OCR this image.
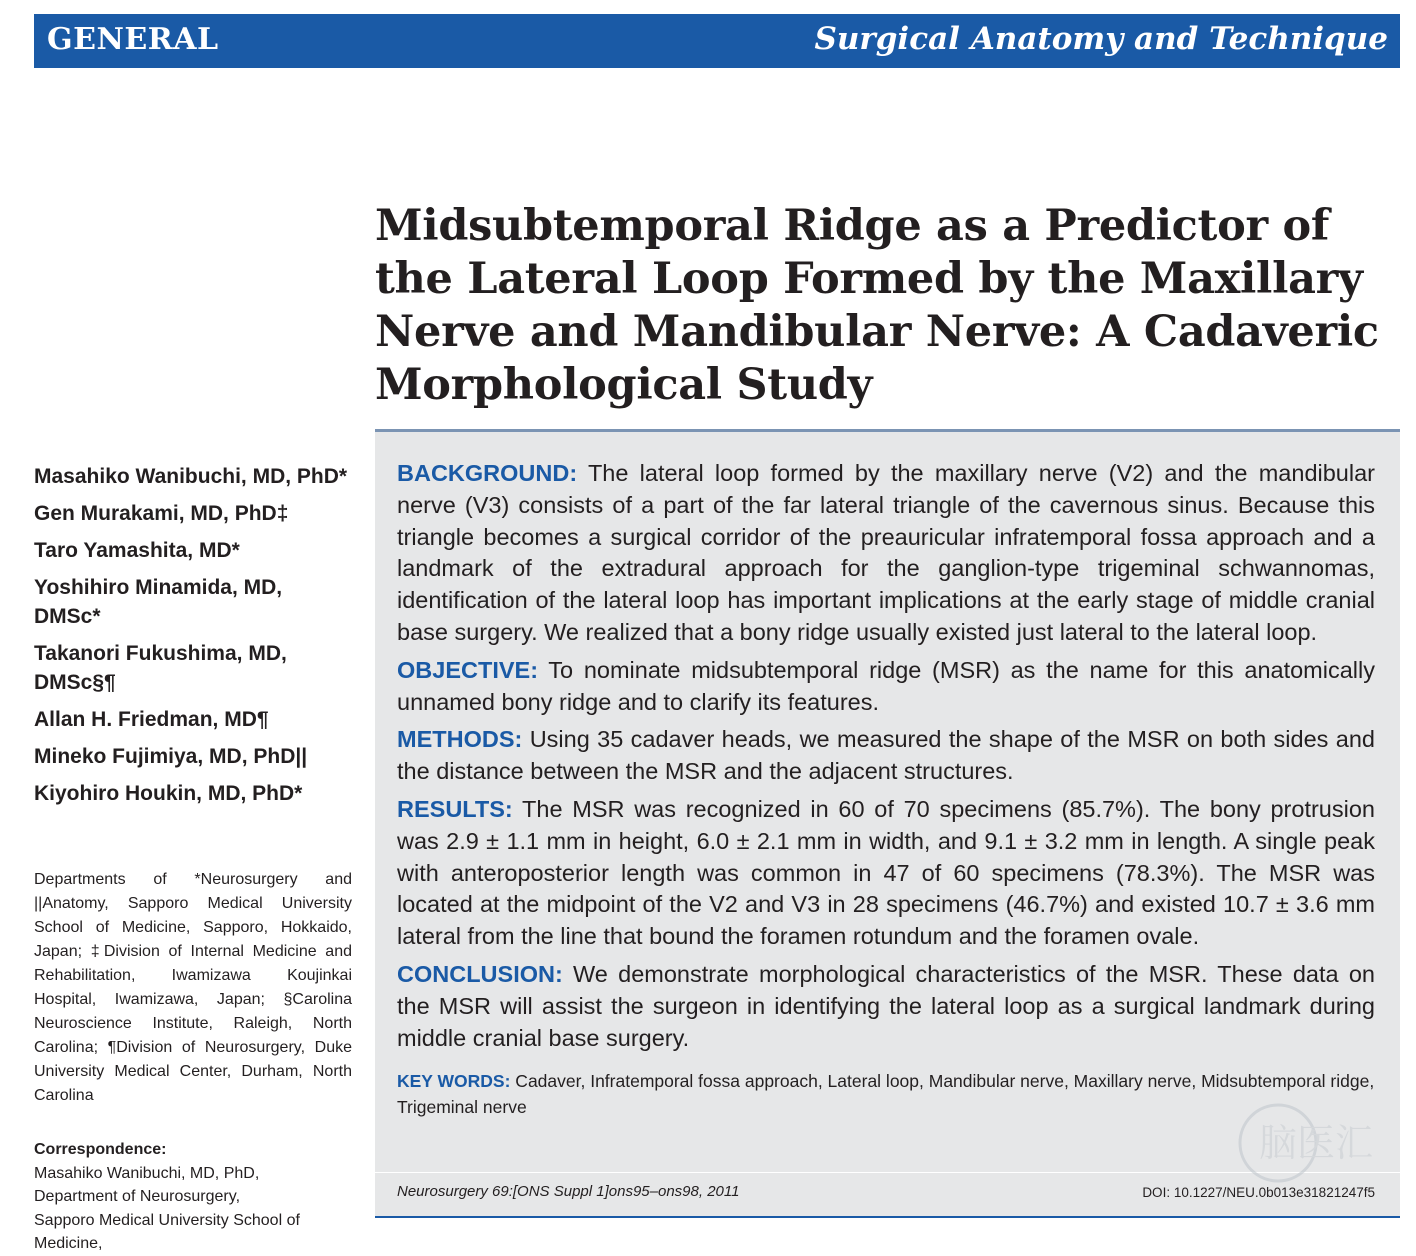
GENERAL	Surgical Anatomy and Technique
Midsubtemporal Ridge as a Predictor of the Lateral Loop Formed by the Maxillary Nerve and Mandibular Nerve: A Cadaveric Morphological Study
Masahiko Wanibuchi, MD, PhD*
Gen Murakami, MD, PhD‡
Taro Yamashita, MD*
Yoshihiro Minamida, MD, DMSc*
Takanori Fukushima, MD, DMSc§¶
Allan H. Friedman, MD¶
Mineko Fujimiya, MD, PhD||
Kiyohiro Houkin, MD, PhD*
Departments of *Neurosurgery and ||Anatomy, Sapporo Medical University School of Medicine, Sapporo, Hokkaido, Japan; ‡Division of Internal Medicine and Rehabilitation, Iwamizawa Koujinkai Hospital, Iwamizawa, Japan; §Carolina Neuroscience Institute, Raleigh, North Carolina; ¶Division of Neurosurgery, Duke University Medical Center, Durham, North Carolina
Correspondence:
Masahiko Wanibuchi, MD, PhD,
Department of Neurosurgery,
Sapporo Medical University School of
Medicine,

BACKGROUND: The lateral loop formed by the maxillary nerve (V2) and the mandibular nerve (V3) consists of a part of the far lateral triangle of the cavernous sinus. Because this triangle becomes a surgical corridor of the preauricular infratemporal fossa approach and a landmark of the extradural approach for the ganglion-type trigeminal schwannomas, identification of the lateral loop has important implications at the early stage of middle cranial base surgery. We realized that a bony ridge usually existed just lateral to the lateral loop.

OBJECTIVE: To nominate midsubtemporal ridge (MSR) as the name for this anatomically unnamed bony ridge and to clarify its features.

METHODS: Using 35 cadaver heads, we measured the shape of the MSR on both sides and the distance between the MSR and the adjacent structures.

RESULTS: The MSR was recognized in 60 of 70 specimens (85.7%). The bony protrusion was 2.9 ± 1.1 mm in height, 6.0 ± 2.1 mm in width, and 9.1 ± 3.2 mm in length. A single peak with anteroposterior length was common in 47 of 60 specimens (78.3%). The MSR was located at the midpoint of the V2 and V3 in 28 specimens (46.7%) and existed 10.7 ± 3.6 mm lateral from the line that bound the foramen rotundum and the foramen ovale.

CONCLUSION: We demonstrate morphological characteristics of the MSR. These data on the MSR will assist the surgeon in identifying the lateral loop as a surgical landmark during middle cranial base surgery.

KEY WORDS: Cadaver, Infratemporal fossa approach, Lateral loop, Mandibular nerve, Maxillary nerve, Midsubtemporal ridge, Trigeminal nerve

Neurosurgery 69:[ONS Suppl 1]ons95–ons98, 2011	DOI: 10.1227/NEU.0b013e31821247f5
脑医汇
